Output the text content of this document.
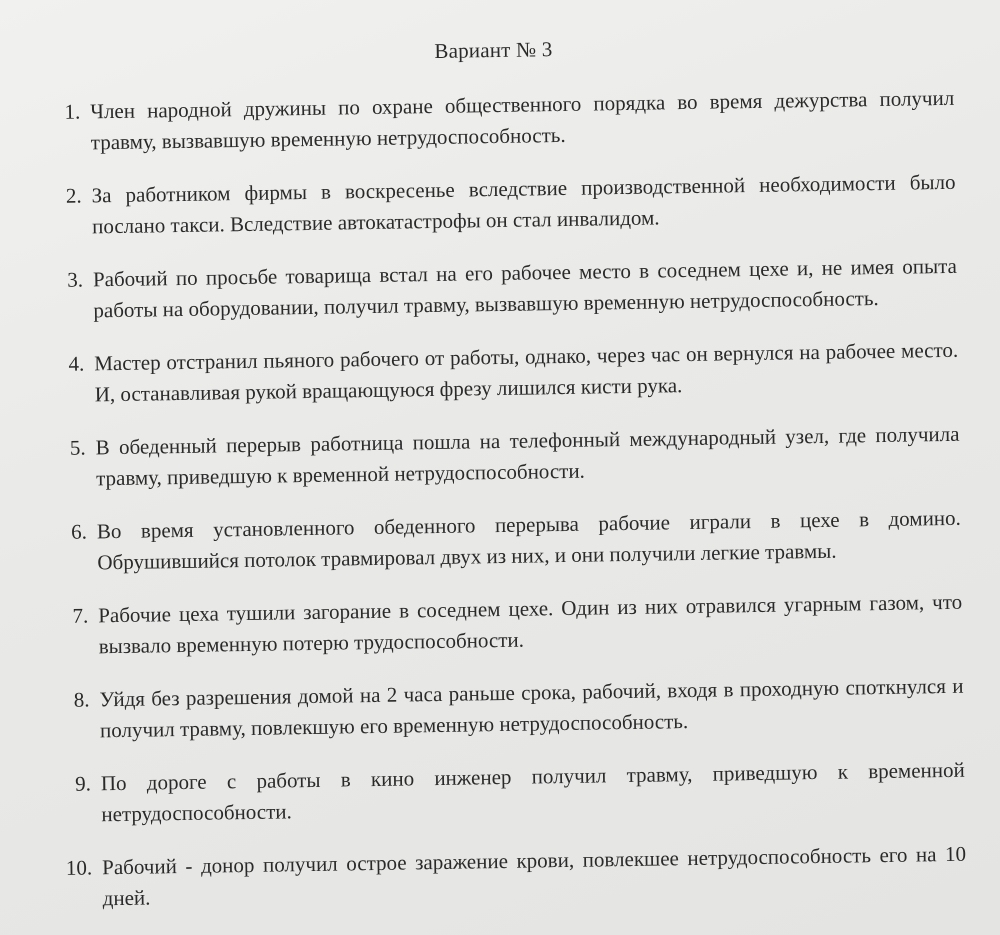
Вариант № 3
1. Член народной дружины по охране общественного порядка во время дежурства получил травму, вызвавшую временную нетрудоспособность.
2. За работником фирмы в воскресенье вследствие производственной необходимости было послано такси. Вследствие автокатастрофы он стал инвалидом.
3. Рабочий по просьбе товарища встал на его рабочее место в соседнем цехе и, не имея опыта работы на оборудовании, получил травму, вызвавшую временную нетрудоспособность.
4. Мастер отстранил пьяного рабочего от работы, однако, через час он вернулся на рабочее место. И, останавливая рукой вращающуюся фрезу лишился кисти рука.
5. В обеденный перерыв работница пошла на телефонный международный узел, где получила травму, приведшую к временной нетрудоспособности.
6. Во время установленного обеденного перерыва рабочие играли в цехе в домино. Обрушившийся потолок травмировал двух из них, и они получили легкие травмы.
7. Рабочие цеха тушили загорание в соседнем цехе. Один из них отравился угарным газом, что вызвало временную потерю трудоспособности.
8. Уйдя без разрешения домой на 2 часа раньше срока, рабочий, входя в проходную споткнулся и получил травму, повлекшую его временную нетрудоспособность.
9. По дороге с работы в кино инженер получил травму, приведшую к временной нетрудоспособности.
10. Рабочий - донор получил острое заражение крови, повлекшее нетрудоспособность его на 10 дней.
